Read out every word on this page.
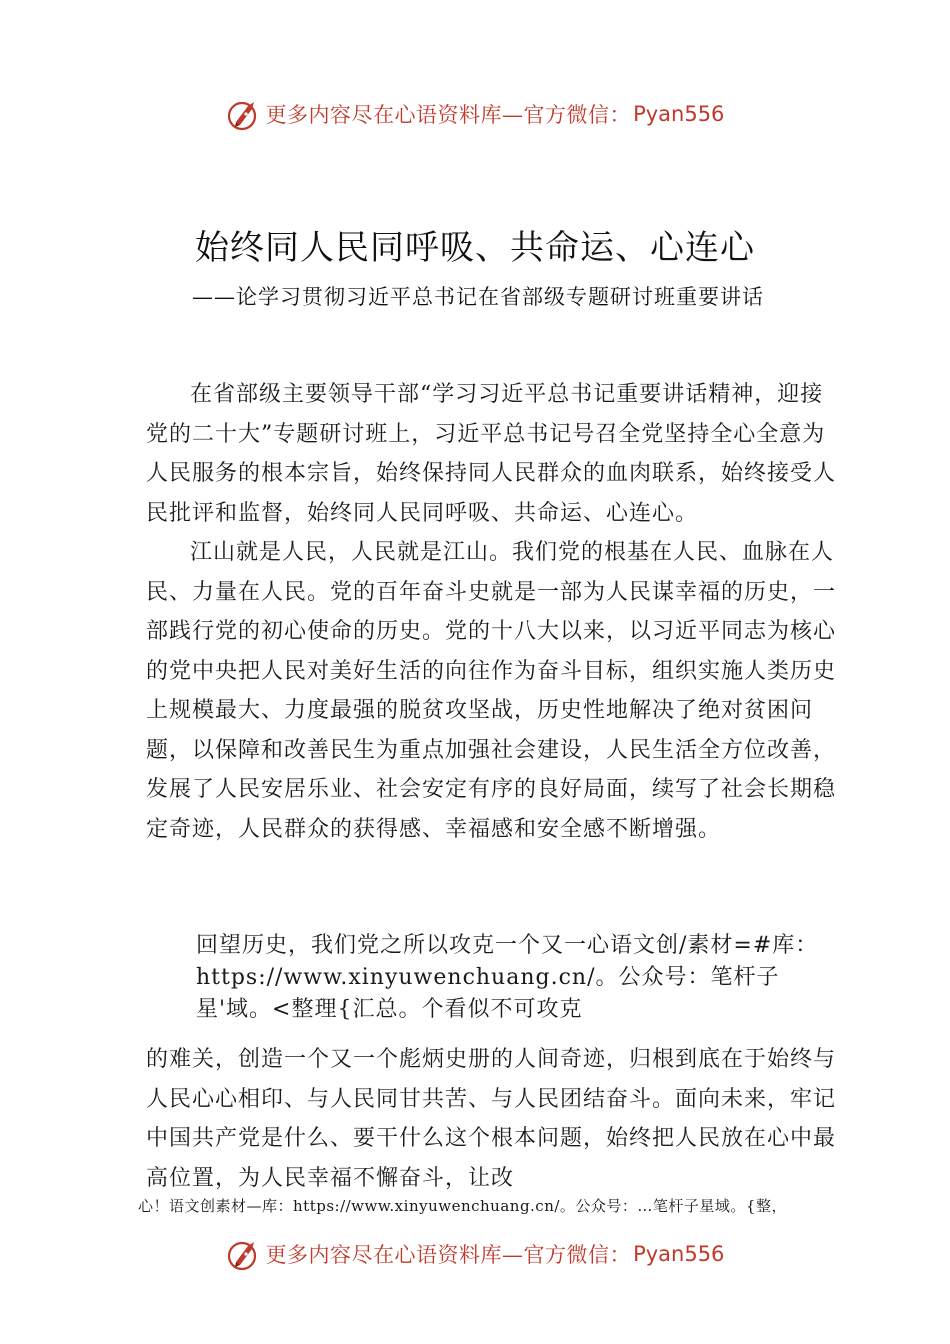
更多内容尽在心语资料库—官方微信： Pyan556
始终同人民同呼吸、共命运、心连心
——论学习贯彻习近平总书记在省部级专题研讨班重要讲话

在省部级主要领导干部“学习习近平总书记重要讲话精神，迎接党的二十大”专题研讨班上，习近平总书记号召全党坚持全心全意为人民服务的根本宗旨，始终保持同人民群众的血肉联系，始终接受人民批评和监督，始终同人民同呼吸、共命运、心连心。

江山就是人民，人民就是江山。我们党的根基在人民、血脉在人民、力量在人民。党的百年奋斗史就是一部为人民谋幸福的历史，一部践行党的初心使命的历史。党的十八大以来，以习近平同志为核心的党中央把人民对美好生活的向往作为奋斗目标，组织实施人类历史上规模最大、力度最强的脱贫攻坚战，历史性地解决了绝对贫困问题，以保障和改善民生为重点加强社会建设，人民生活全方位改善，发展了人民安居乐业、社会安定有序的良好局面，续写了社会长期稳定奇迹，人民群众的获得感、幸福感和安全感不断增强。

回望历史，我们党之所以攻克一个又一心语文创/素材=#库：https://www.xinyuwenchuang.cn/。公众号：笔杆子星'域。<整理{汇总。个看似不可攻克
的难关，创造一个又一个彪炳史册的人间奇迹，归根到底在于始终与人民心心相印、与人民同甘共苦、与人民团结奋斗。面向未来，牢记中国共产党是什么、要干什么这个根本问题，始终把人民放在心中最高位置，为人民幸福不懈奋斗，让改
心！语文创素材—库：https://www.xinyuwenchuang.cn/。公众号：…笔杆子星域。{整，
更多内容尽在心语资料库—官方微信： Pyan556
